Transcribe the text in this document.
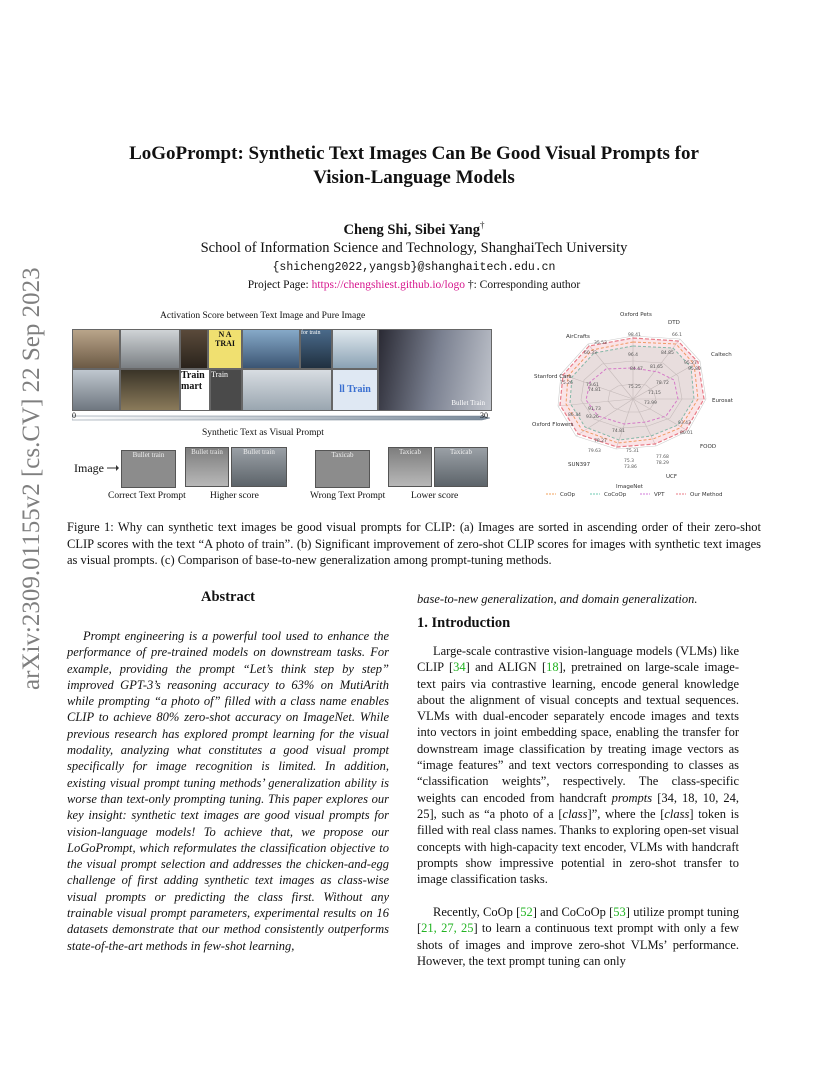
arXiv:2309.01155v2 [cs.CV] 22 Sep 2023
LoGoPrompt: Synthetic Text Images Can Be Good Visual Prompts for
Vision-Language Models
Cheng Shi, Sibei Yang†
School of Information Science and Technology, ShanghaiTech University
{shicheng2022,yangsb}@shanghaitech.edu.cn
Project Page: https://chengshiest.github.io/logo †: Corresponding author
Activation Score between Text Image and Pure Image
N A TRAI
for train
Bullet Train
Train mart
Train
ll Train
0	30
Synthetic Text as Visual Prompt
Image
Bullet train	Bullet train	Bullet train	Taxicab	Taxicab	Taxicab
Correct Text Prompt	Higher score	Wrong Text Prompt	Lower score
Oxford Pets
DTD
Caltech
Eurosat
FOOD
UCF
ImageNet
SUN397
Oxford Flowers
Stanford Cars
AirCrafts	98.41	66.1
95.27
95.80
84.85
80.01
81.65
74.81
93.43
60.33
35.53
96.4
84.47
78.72
75.26	73.61
91.73
86.34 93.26
74.81
78.27
79.63
75.3
73.86
75.31
73.99
77.68
78.29
71.15
75.25
CoOp	CoCoOp	VPT	Our Method
Figure 1: Why can synthetic text images be good visual prompts for CLIP: (a) Images are sorted in ascending order of their zero-shot CLIP scores with the text “A photo of train”. (b) Significant improvement of zero-shot CLIP scores for images with synthetic text images as visual prompts. (c) Comparison of base-to-new generalization among prompt-tuning methods.
Abstract
Prompt engineering is a powerful tool used to enhance the performance of pre-trained models on downstream tasks. For example, providing the prompt “Let’s think step by step” improved GPT-3’s reasoning accuracy to 63% on MutiArith while prompting “a photo of” filled with a class name enables CLIP to achieve 80% zero-shot accuracy on ImageNet. While previous research has explored prompt learning for the visual modality, analyzing what constitutes a good visual prompt specifically for image recognition is limited. In addition, existing visual prompt tuning methods’ generalization ability is worse than text-only prompting tuning. This paper explores our key insight: synthetic text images are good visual prompts for vision-language models! To achieve that, we propose our LoGoPrompt, which reformulates the classification objective to the visual prompt selection and addresses the chicken-and-egg challenge of first adding synthetic text images as class-wise visual prompts or predicting the class first. Without any trainable visual prompt parameters, experimental results on 16 datasets demonstrate that our method consistently outperforms state-of-the-art methods in few-shot learning,
base-to-new generalization, and domain generalization.
1. Introduction
Large-scale contrastive vision-language models (VLMs) like CLIP [34] and ALIGN [18], pretrained on large-scale image-text pairs via contrastive learning, encode general knowledge about the alignment of visual concepts and textual sequences. VLMs with dual-encoder separately encode images and texts into vectors in joint embedding space, enabling the transfer for downstream image classification by treating image vectors as “image features” and text vectors corresponding to classes as “classification weights”, respectively. The class-specific weights can encoded from handcraft prompts [34, 18, 10, 24, 25], such as “a photo of a [class]”, where the [class] token is filled with real class names. Thanks to exploring open-set visual concepts with high-capacity text encoder, VLMs with handcraft prompts show impressive potential in zero-shot transfer to image classification tasks.
Recently, CoOp [52] and CoCoOp [53] utilize prompt tuning [21, 27, 25] to learn a continuous text prompt with only a few shots of images and improve zero-shot VLMs’ performance. However, the text prompt tuning can only
